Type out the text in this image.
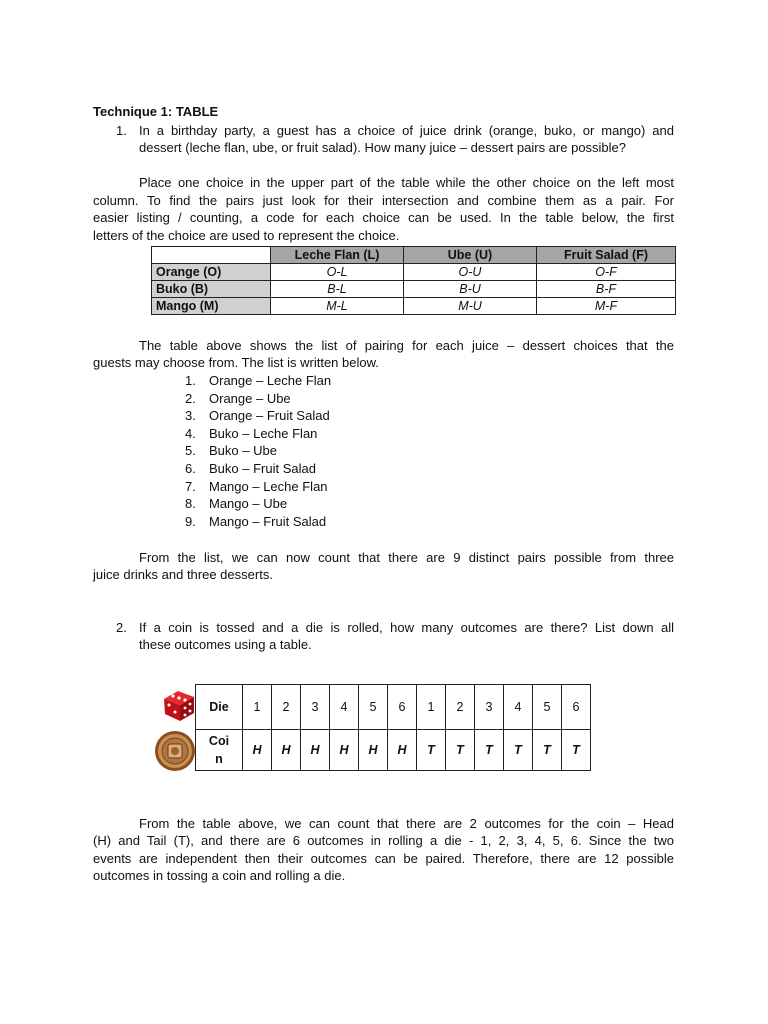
Technique 1: TABLE
1. In a birthday party, a guest has a choice of juice drink (orange, buko, or mango) and
dessert (leche flan, ube, or fruit salad). How many juice – dessert pairs are possible?
Place one choice in the upper part of the table while the other choice on the left most
column. To find the pairs just look for their intersection and combine them as a pair. For
easier listing / counting, a code for each choice can be used. In the table below, the first
letters of the choice are used to represent the choice.
	Leche Flan (L)	Ube (U)	Fruit Salad (F)
Orange (O)	O-L	O-U	O-F
Buko (B)	B-L	B-U	B-F
Mango (M)	M-L	M-U	M-F
The table above shows the list of pairing for each juice – dessert choices that the
guests may choose from. The list is written below.
1. Orange – Leche Flan
2. Orange – Ube
3. Orange – Fruit Salad
4. Buko – Leche Flan
5. Buko – Ube
6. Buko – Fruit Salad
7. Mango – Leche Flan
8. Mango – Ube
9. Mango – Fruit Salad
From the list, we can now count that there are 9 distinct pairs possible from three
juice drinks and three desserts.
2. If a coin is tossed and a die is rolled, how many outcomes are there? List down all
these outcomes using a table.
Die	1	2	3	4	5	6	1	2	3	4	5	6
Coi
n	H	H	H	H	H	H	T	T	T	T	T	T
From the table above, we can count that there are 2 outcomes for the coin – Head
(H) and Tail (T), and there are 6 outcomes in rolling a die - 1, 2, 3, 4, 5, 6. Since the two
events are independent then their outcomes can be paired. Therefore, there are 12 possible
outcomes in tossing a coin and rolling a die.
